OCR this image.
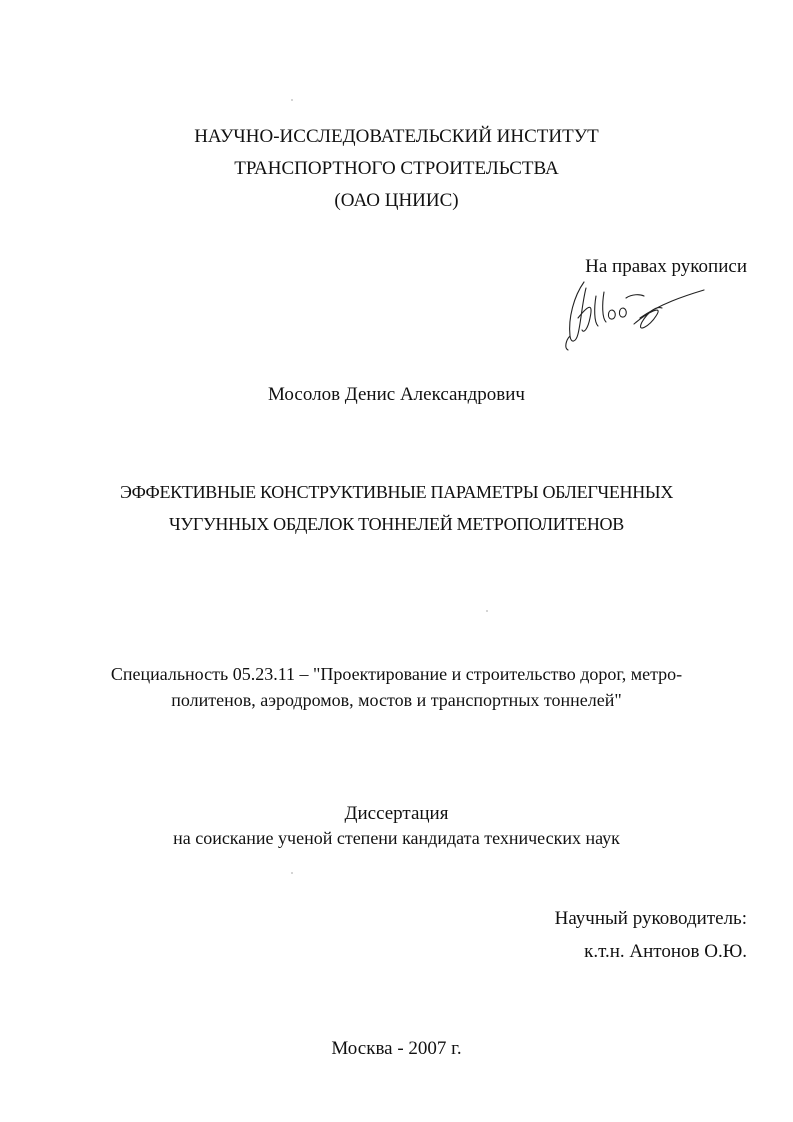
НАУЧНО-ИССЛЕДОВАТЕЛЬСКИЙ ИНСТИТУТ
ТРАНСПОРТНОГО СТРОИТЕЛЬСТВА
(ОАО ЦНИИС)
На правах рукописи
Мосолов Денис Александрович
ЭФФЕКТИВНЫЕ КОНСТРУКТИВНЫЕ ПАРАМЕТРЫ ОБЛЕГЧЕННЫХ
ЧУГУННЫХ ОБДЕЛОК ТОННЕЛЕЙ МЕТРОПОЛИТЕНОВ
Специальность 05.23.11 – "Проектирование и строительство дорог, метро-
политенов, аэродромов, мостов и транспортных тоннелей"
Диссертация
на соискание ученой степени кандидата технических наук
Научный руководитель:
к.т.н. Антонов О.Ю.
Москва - 2007 г.
